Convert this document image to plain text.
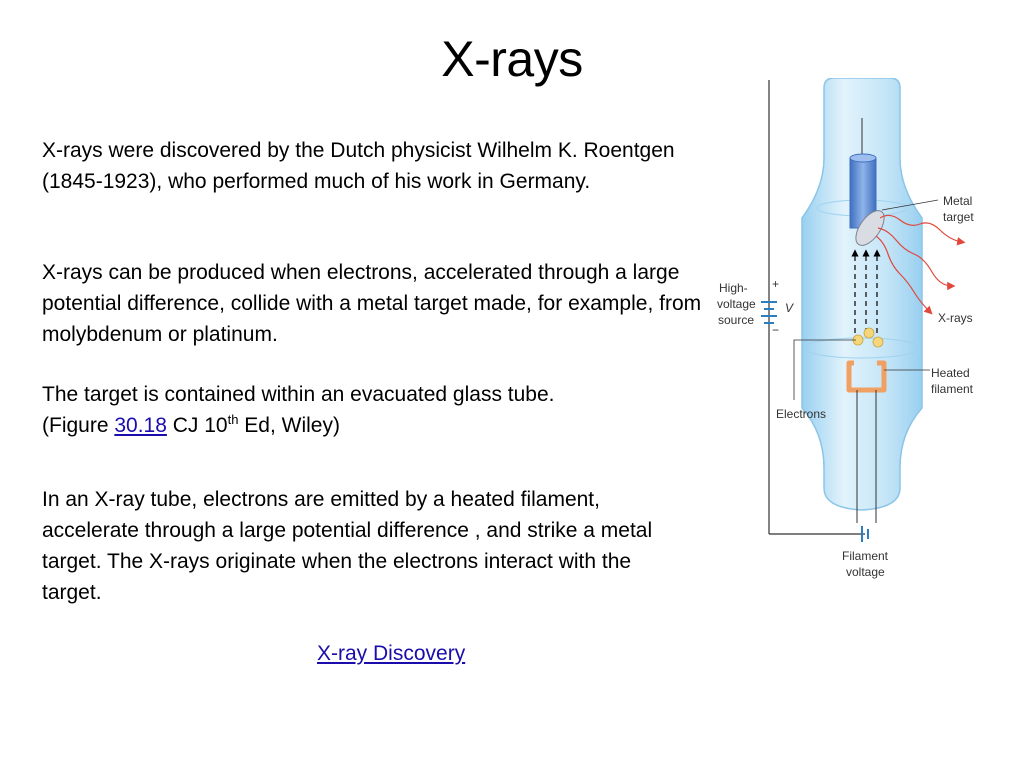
X-rays

X-rays were discovered by the Dutch physicist Wilhelm K. Roentgen (1845-1923), who performed much of his work in Germany.

X-rays can be produced when electrons, accelerated through a large potential difference, collide with a metal target made, for example, from molybdenum or platinum.

The target is contained within an evacuated glass tube.
(Figure 30.18 CJ 10th Ed, Wiley)

In an X-ray tube, electrons are emitted by a heated filament, accelerate through a large potential difference , and strike a metal target. The X-rays originate when the electrons interact with the target.

X-ray Discovery
Metal
target
X-rays
Heated
filament
High-
voltage
source
+
−
V
Electrons
Filament
voltage
